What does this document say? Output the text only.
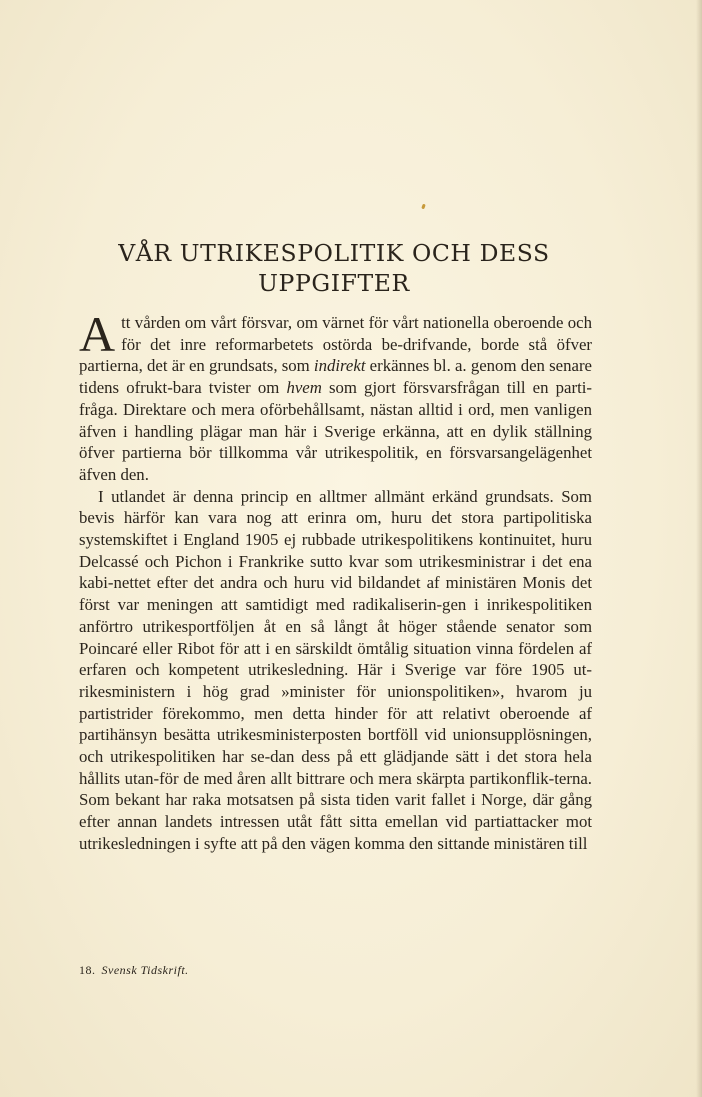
VÅR UTRIKESPOLITIK OCH DESS UPPGIFTER

Att vården om vårt försvar, om värnet för vårt nationella oberoende och för det inre reformarbetets ostörda be-drifvande, borde stå öfver partierna, det är en grundsats, som indirekt erkännes bl. a. genom den senare tidens ofrukt-bara tvister om hvem som gjort försvarsfrågan till en parti-fråga. Direktare och mera oförbehållsamt, nästan alltid i ord, men vanligen äfven i handling plägar man här i Sverige erkänna, att en dylik ställning öfver partierna bör tillkomma vår utrikespolitik, en försvarsangelägenhet äfven den.

I utlandet är denna princip en alltmer allmänt erkänd grundsats. Som bevis härför kan vara nog att erinra om, huru det stora partipolitiska systemskiftet i England 1905 ej rubbade utrikespolitikens kontinuitet, huru Delcassé och Pichon i Frankrike sutto kvar som utrikesministrar i det ena kabi-nettet efter det andra och huru vid bildandet af ministären Monis det först var meningen att samtidigt med radikaliserin-gen i inrikespolitiken anförtro utrikesportföljen åt en så långt åt höger stående senator som Poincaré eller Ribot för att i en särskildt ömtålig situation vinna fördelen af erfaren och kompetent utrikesledning. Här i Sverige var före 1905 ut-rikesministern i hög grad »minister för unionspolitiken», hvarom ju partistrider förekommo, men detta hinder för att relativt oberoende af partihänsyn besätta utrikesministerposten bortföll vid unionsupplösningen, och utrikespolitiken har se-dan dess på ett glädjande sätt i det stora hela hållits utan-för de med åren allt bittrare och mera skärpta partikonflik-terna. Som bekant har raka motsatsen på sista tiden varit fallet i Norge, där gång efter annan landets intressen utåt fått sitta emellan vid partiattacker mot utrikesledningen i syfte att på den vägen komma den sittande ministären till

18. Svensk Tidskrift.
